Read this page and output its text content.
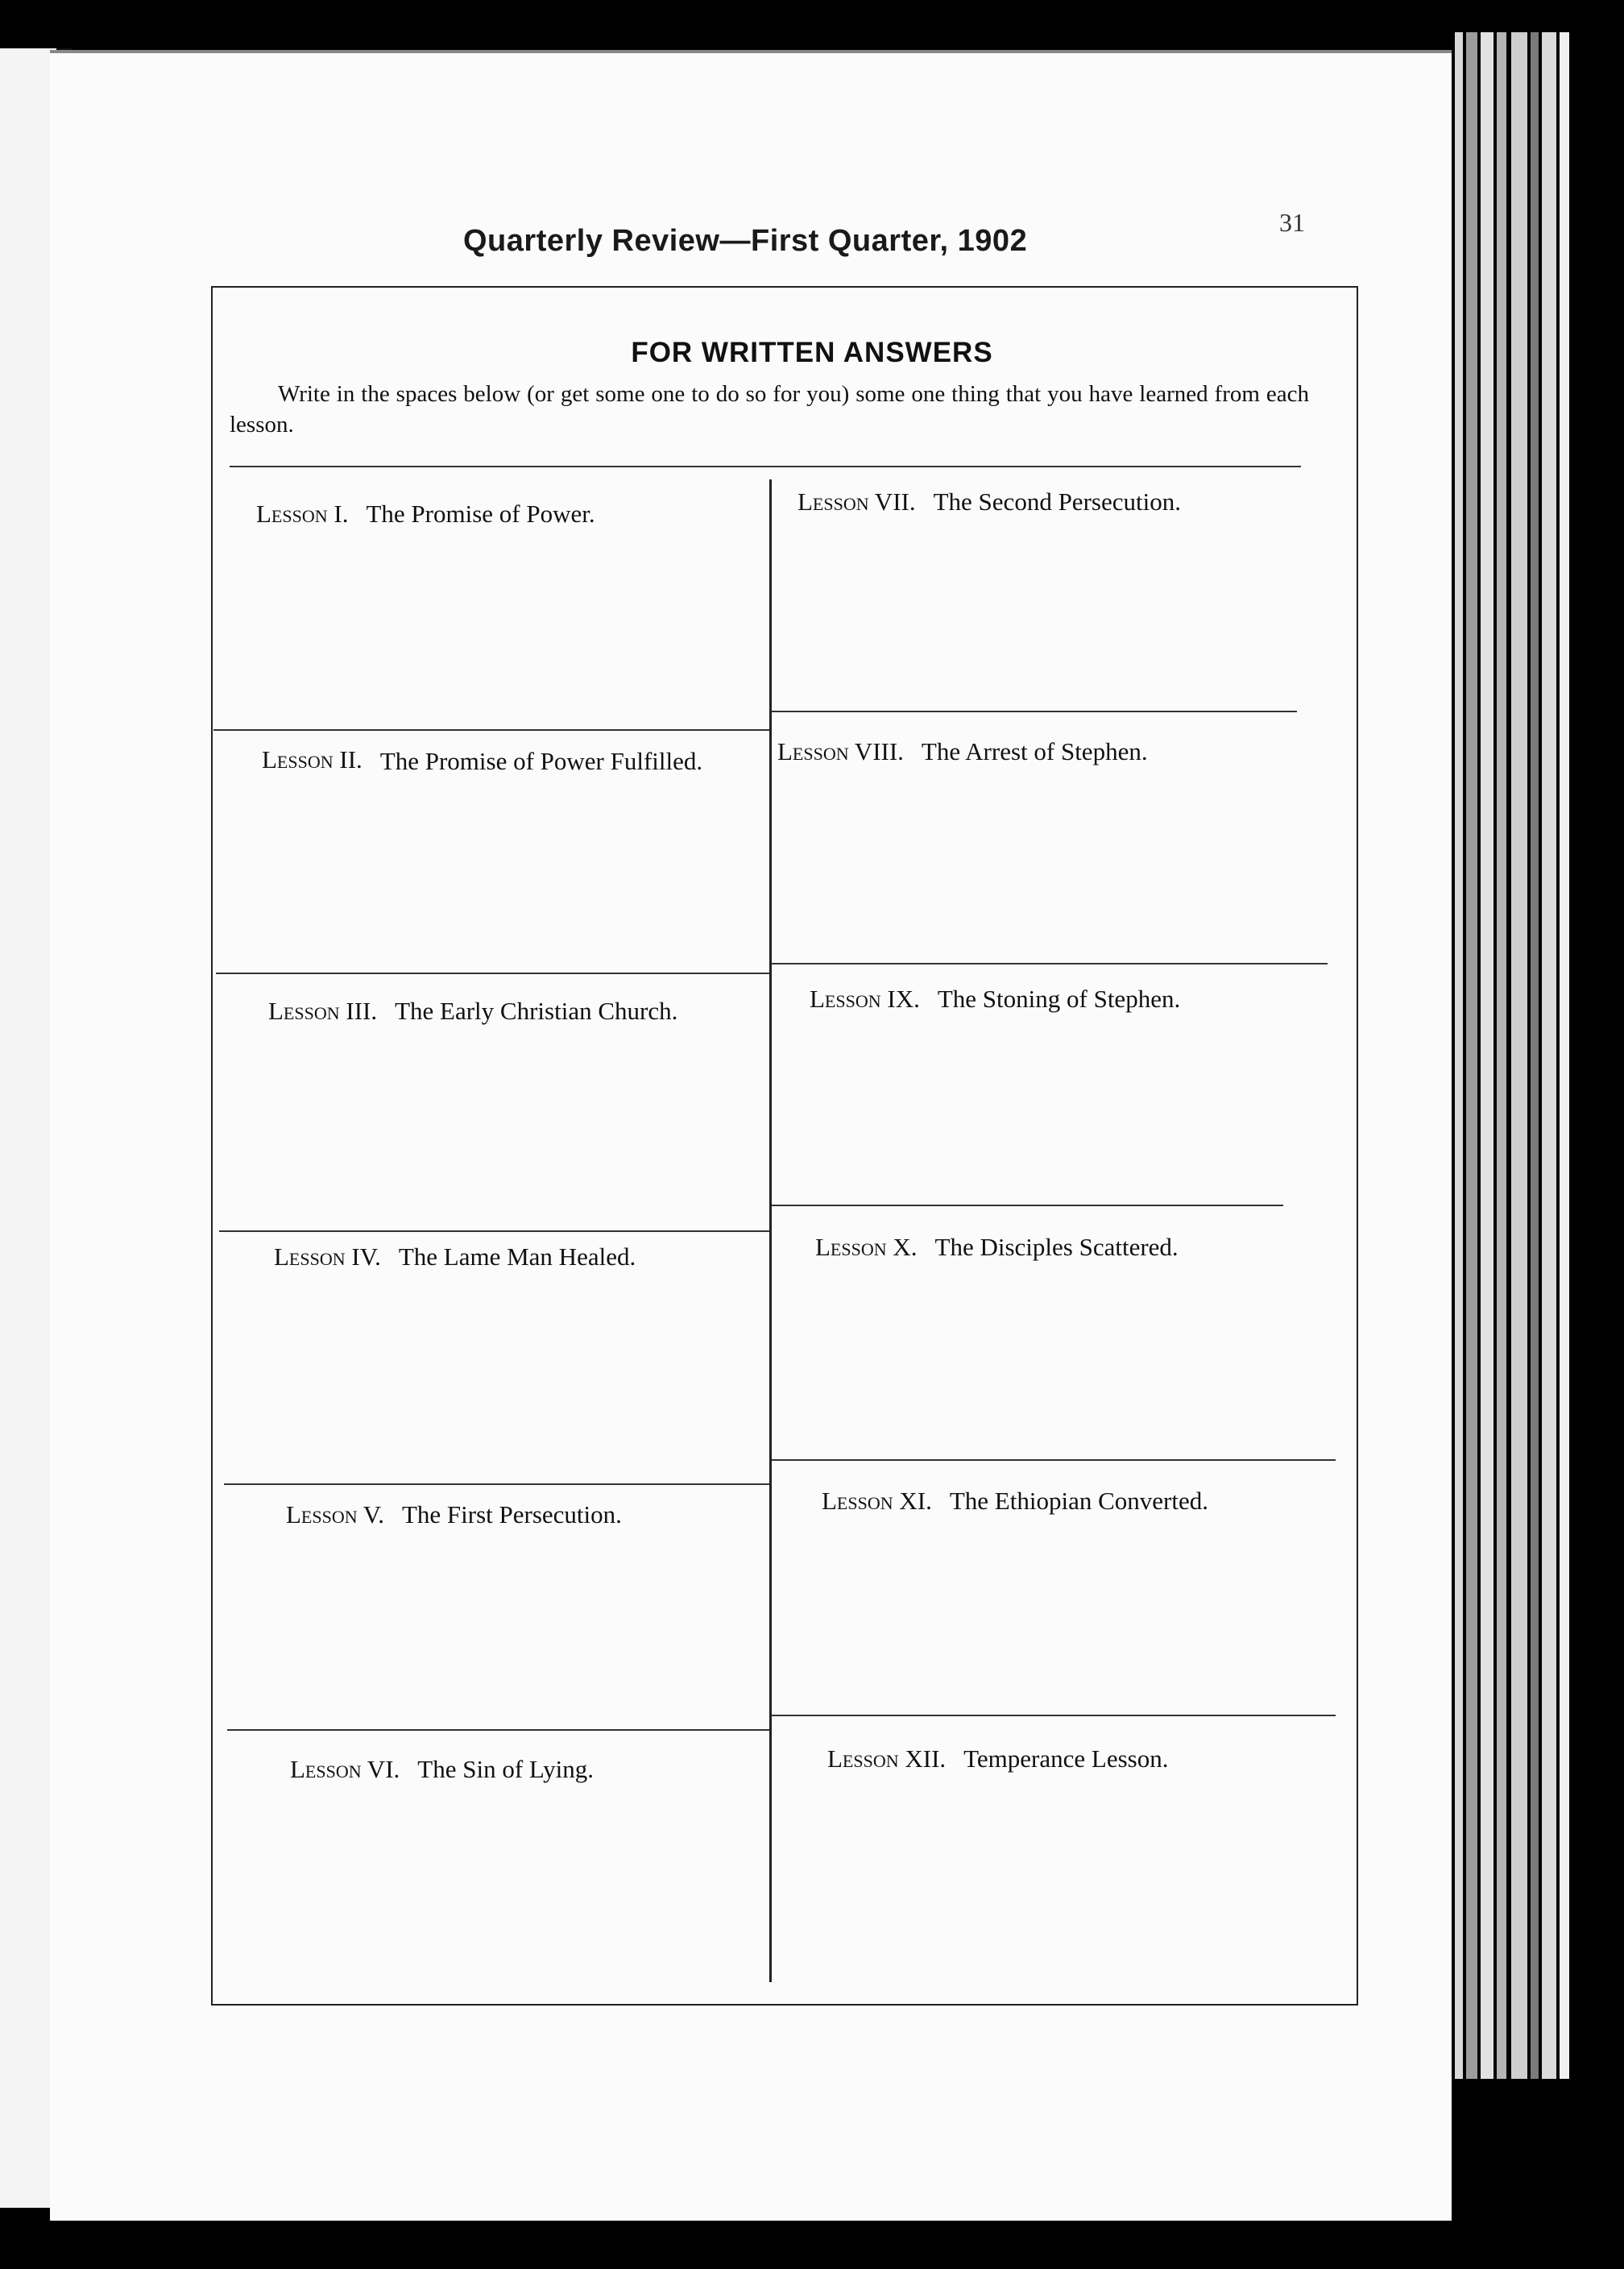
Quarterly Review—First Quarter, 1902
31
FOR WRITTEN ANSWERS
Write in the spaces below (or get some one to do so for you) some one thing that you have learned from each lesson.
Lesson I. The Promise of Power.
Lesson II. The Promise of Power Fulfilled.
Lesson III. The Early Christian Church.
Lesson IV. The Lame Man Healed.
Lesson V. The First Persecution.
Lesson VI. The Sin of Lying.
Lesson VII. The Second Persecution.
Lesson VIII. The Arrest of Stephen.
Lesson IX. The Stoning of Stephen.
Lesson X. The Disciples Scattered.
Lesson XI. The Ethiopian Converted.
Lesson XII. Temperance Lesson.
